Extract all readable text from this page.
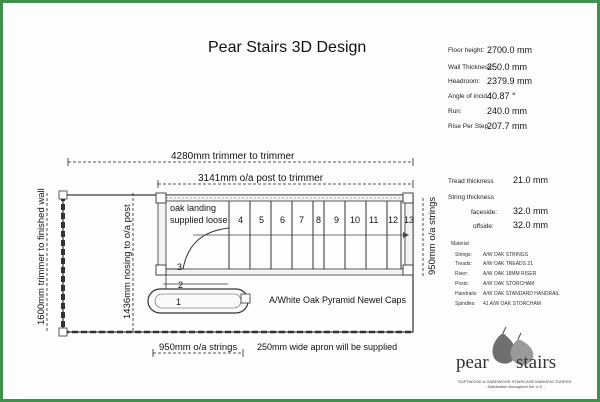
Pear Stairs 3D Design	Floor height: 2700.0 mm
Wall Thickness:
250.0 mm
Headroom: 2379.9 mm
Angle of incid.:
40.87 °
Run:	240.0 mm
Rise Per Step
207.7 mm
Tread thickness 21.0 mm
String thickness
faceside: 32.0 mm
offside: 32.0 mm
Material
Strings: A/W OAK STRINGS
Treads: A/W OAK TREADS 21
Riser:	A/W OAK 18MM RISER
Posts:	A/W OAK STORCHAM
Handrails: A/W OAK STANDARD HANDRAIL
Spindles: 41 A/W OAK STORCHAM
4280mm trimmer to trimmer
3141mm o/a post to trimmer
1600mm trimmer to finished wall	1436mm nosing to o/a post	950mm o/a strings
1
2
3
4 5 6 7 8 9 10 11 12 13
oak landing
supplied loose
A/White Oak Pyramid Newel Caps
950mm o/a strings 250mm wide apron will be supplied
pear stairs
SOFTWOOD & HARDWOOD STAIRCASE MANUFACTURERS
- Distribution throughout the U.K. -
